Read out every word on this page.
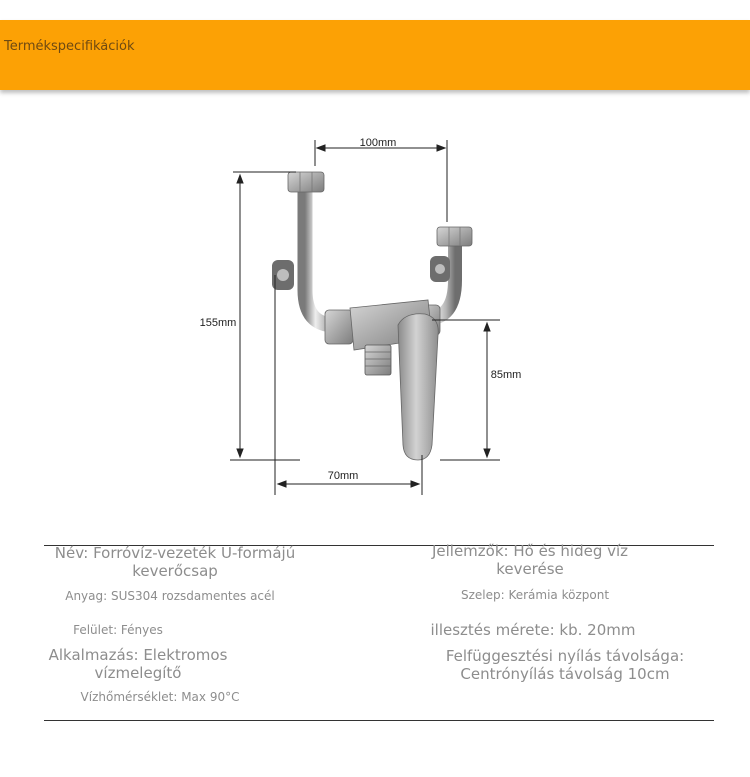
Termékspecifikációk
100mm
155mm
85mm
70mm
Név: Forróvíz-vezeték U-formájú
keverőcsap
Jellemzők: Hő és hideg víz
keverése
Anyag: SUS304 rozsdamentes acél	Szelep: Kerámia központ
Felület: Fényes	illesztés mérete: kb. 20mm
Alkalmazás: Elektromos
vízmelegítő
Felfüggesztési nyílás távolsága:
Centrónyílás távolság 10cm
Vízhőmérséklet: Max 90°C
